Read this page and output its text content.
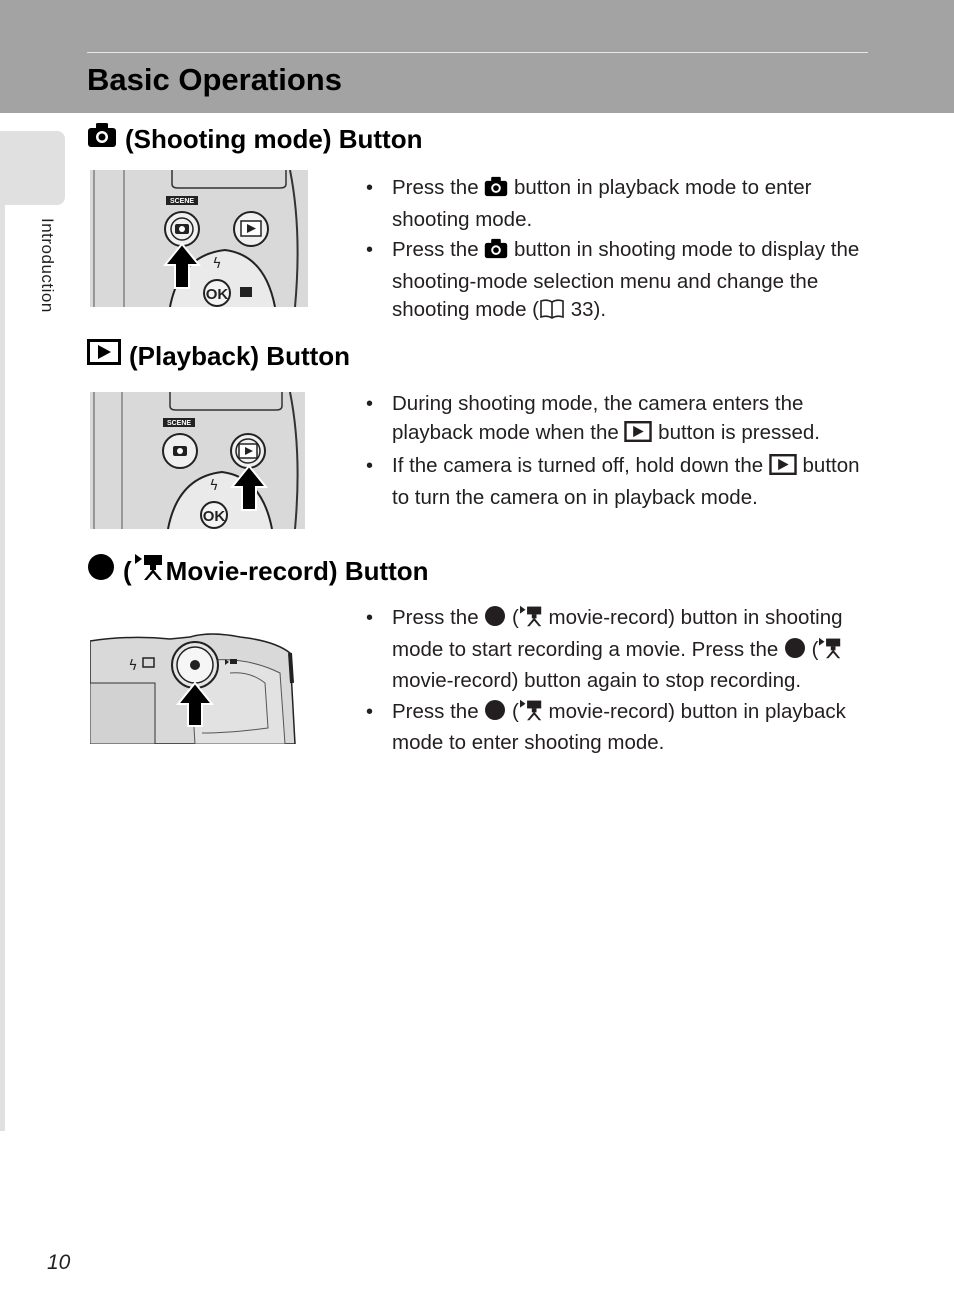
Basic Operations
Introduction
(Shooting mode) Button
SCENE
OK
ϟ
• Press the  button in playback mode to enter shooting mode.
• Press the  button in shooting mode to display the shooting-mode selection menu and change the shooting mode ( 33).
(Playback) Button
SCENE
OK
ϟ
• During shooting mode, the camera enters the playback mode when the  button is pressed.
• If the camera is turned off, hold down the  button to turn the camera on in playback mode.
( Movie-record) Button
ϟ
• Press the  ( movie-record) button in shooting mode to start recording a movie. Press the  ( movie-record) button again to stop recording.
• Press the  ( movie-record) button in playback mode to enter shooting mode.
10
